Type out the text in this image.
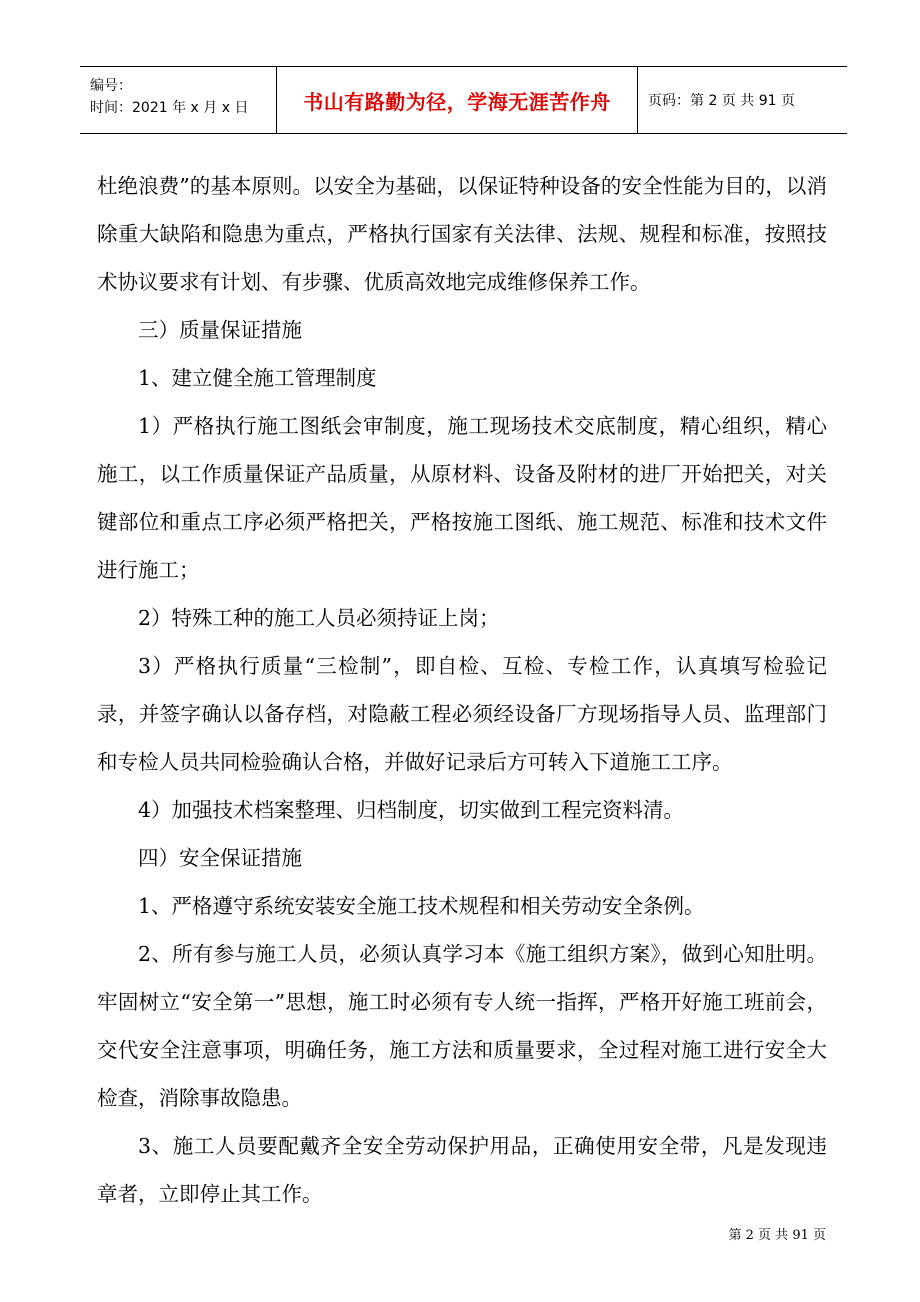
编号：
时间：2021 年 x 月 x 日	书山有路勤为径，学海无涯苦作舟	页码：第 2 页 共 91 页

杜绝浪费”的基本原则。以安全为基础，以保证特种设备的安全性能为目的，以消除重大缺陷和隐患为重点，严格执行国家有关法律、法规、规程和标准，按照技术协议要求有计划、有步骤、优质高效地完成维修保养工作。

三）质量保证措施

1、建立健全施工管理制度

1）严格执行施工图纸会审制度，施工现场技术交底制度，精心组织，精心施工，以工作质量保证产品质量，从原材料、设备及附材的进厂开始把关，对关键部位和重点工序必须严格把关，严格按施工图纸、施工规范、标准和技术文件进行施工；

2）特殊工种的施工人员必须持证上岗；

3）严格执行质量“三检制”，即自检、互检、专检工作，认真填写检验记录，并签字确认以备存档，对隐蔽工程必须经设备厂方现场指导人员、监理部门和专检人员共同检验确认合格，并做好记录后方可转入下道施工工序。

4）加强技术档案整理、归档制度，切实做到工程完资料清。

四）安全保证措施

1、严格遵守系统安装安全施工技术规程和相关劳动安全条例。

2、所有参与施工人员，必须认真学习本《施工组织方案》，做到心知肚明。牢固树立“安全第一”思想，施工时必须有专人统一指挥，严格开好施工班前会，交代安全注意事项，明确任务，施工方法和质量要求，全过程对施工进行安全大检查，消除事故隐患。

3、施工人员要配戴齐全安全劳动保护用品，正确使用安全带，凡是发现违章者，立即停止其工作。

第 2 页 共 91 页
